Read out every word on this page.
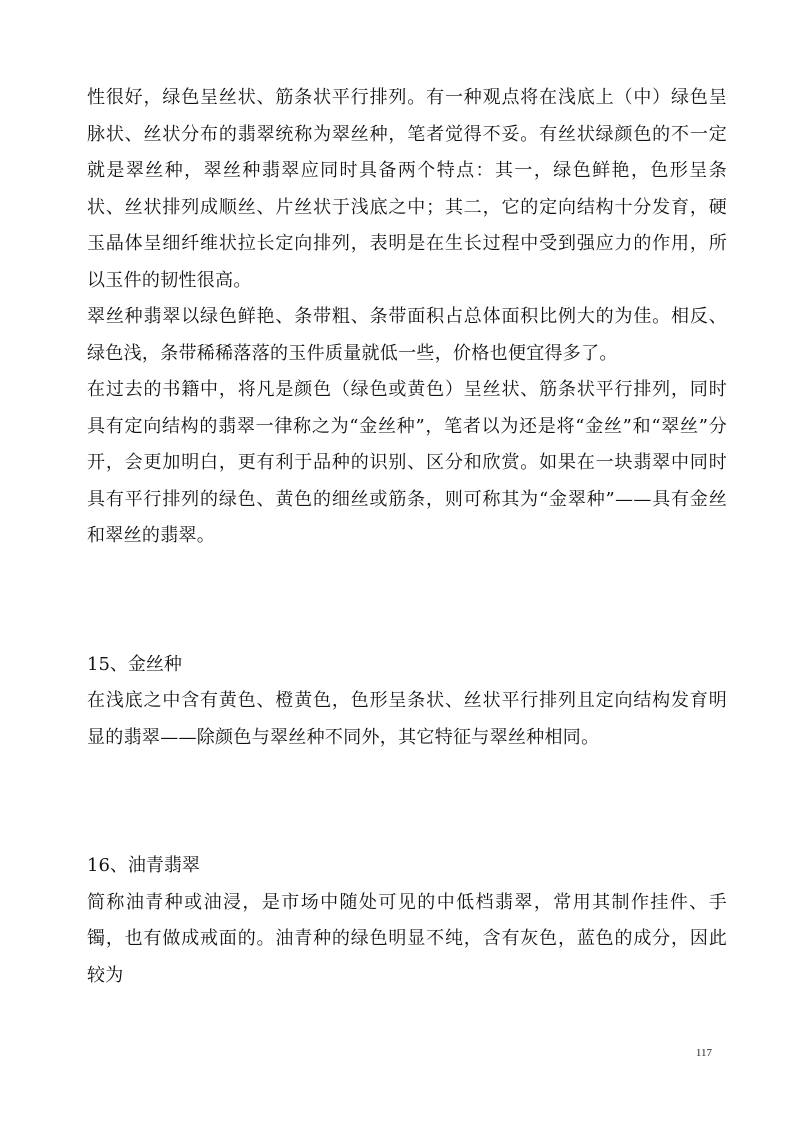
性很好，绿色呈丝状、筋条状平行排列。有一种观点将在浅底上（中）绿色呈脉状、丝状分布的翡翠统称为翠丝种，笔者觉得不妥。有丝状绿颜色的不一定就是翠丝种，翠丝种翡翠应同时具备两个特点：其一，绿色鲜艳，色形呈条状、丝状排列成顺丝、片丝状于浅底之中；其二，它的定向结构十分发育，硬玉晶体呈细纤维状拉长定向排列，表明是在生长过程中受到强应力的作用，所以玉件的韧性很高。

翠丝种翡翠以绿色鲜艳、条带粗、条带面积占总体面积比例大的为佳。相反、绿色浅，条带稀稀落落的玉件质量就低一些，价格也便宜得多了。

在过去的书籍中，将凡是颜色（绿色或黄色）呈丝状、筋条状平行排列，同时具有定向结构的翡翠一律称之为“金丝种”，笔者以为还是将“金丝”和“翠丝”分开，会更加明白，更有利于品种的识别、区分和欣赏。如果在一块翡翠中同时具有平行排列的绿色、黄色的细丝或筋条，则可称其为“金翠种”——具有金丝和翠丝的翡翠。

15、金丝种

在浅底之中含有黄色、橙黄色，色形呈条状、丝状平行排列且定向结构发育明显的翡翠——除颜色与翠丝种不同外，其它特征与翠丝种相同。

16、油青翡翠

简称油青种或油浸，是市场中随处可见的中低档翡翠，常用其制作挂件、手镯，也有做成戒面的。油青种的绿色明显不纯，含有灰色，蓝色的成分，因此较为

117
